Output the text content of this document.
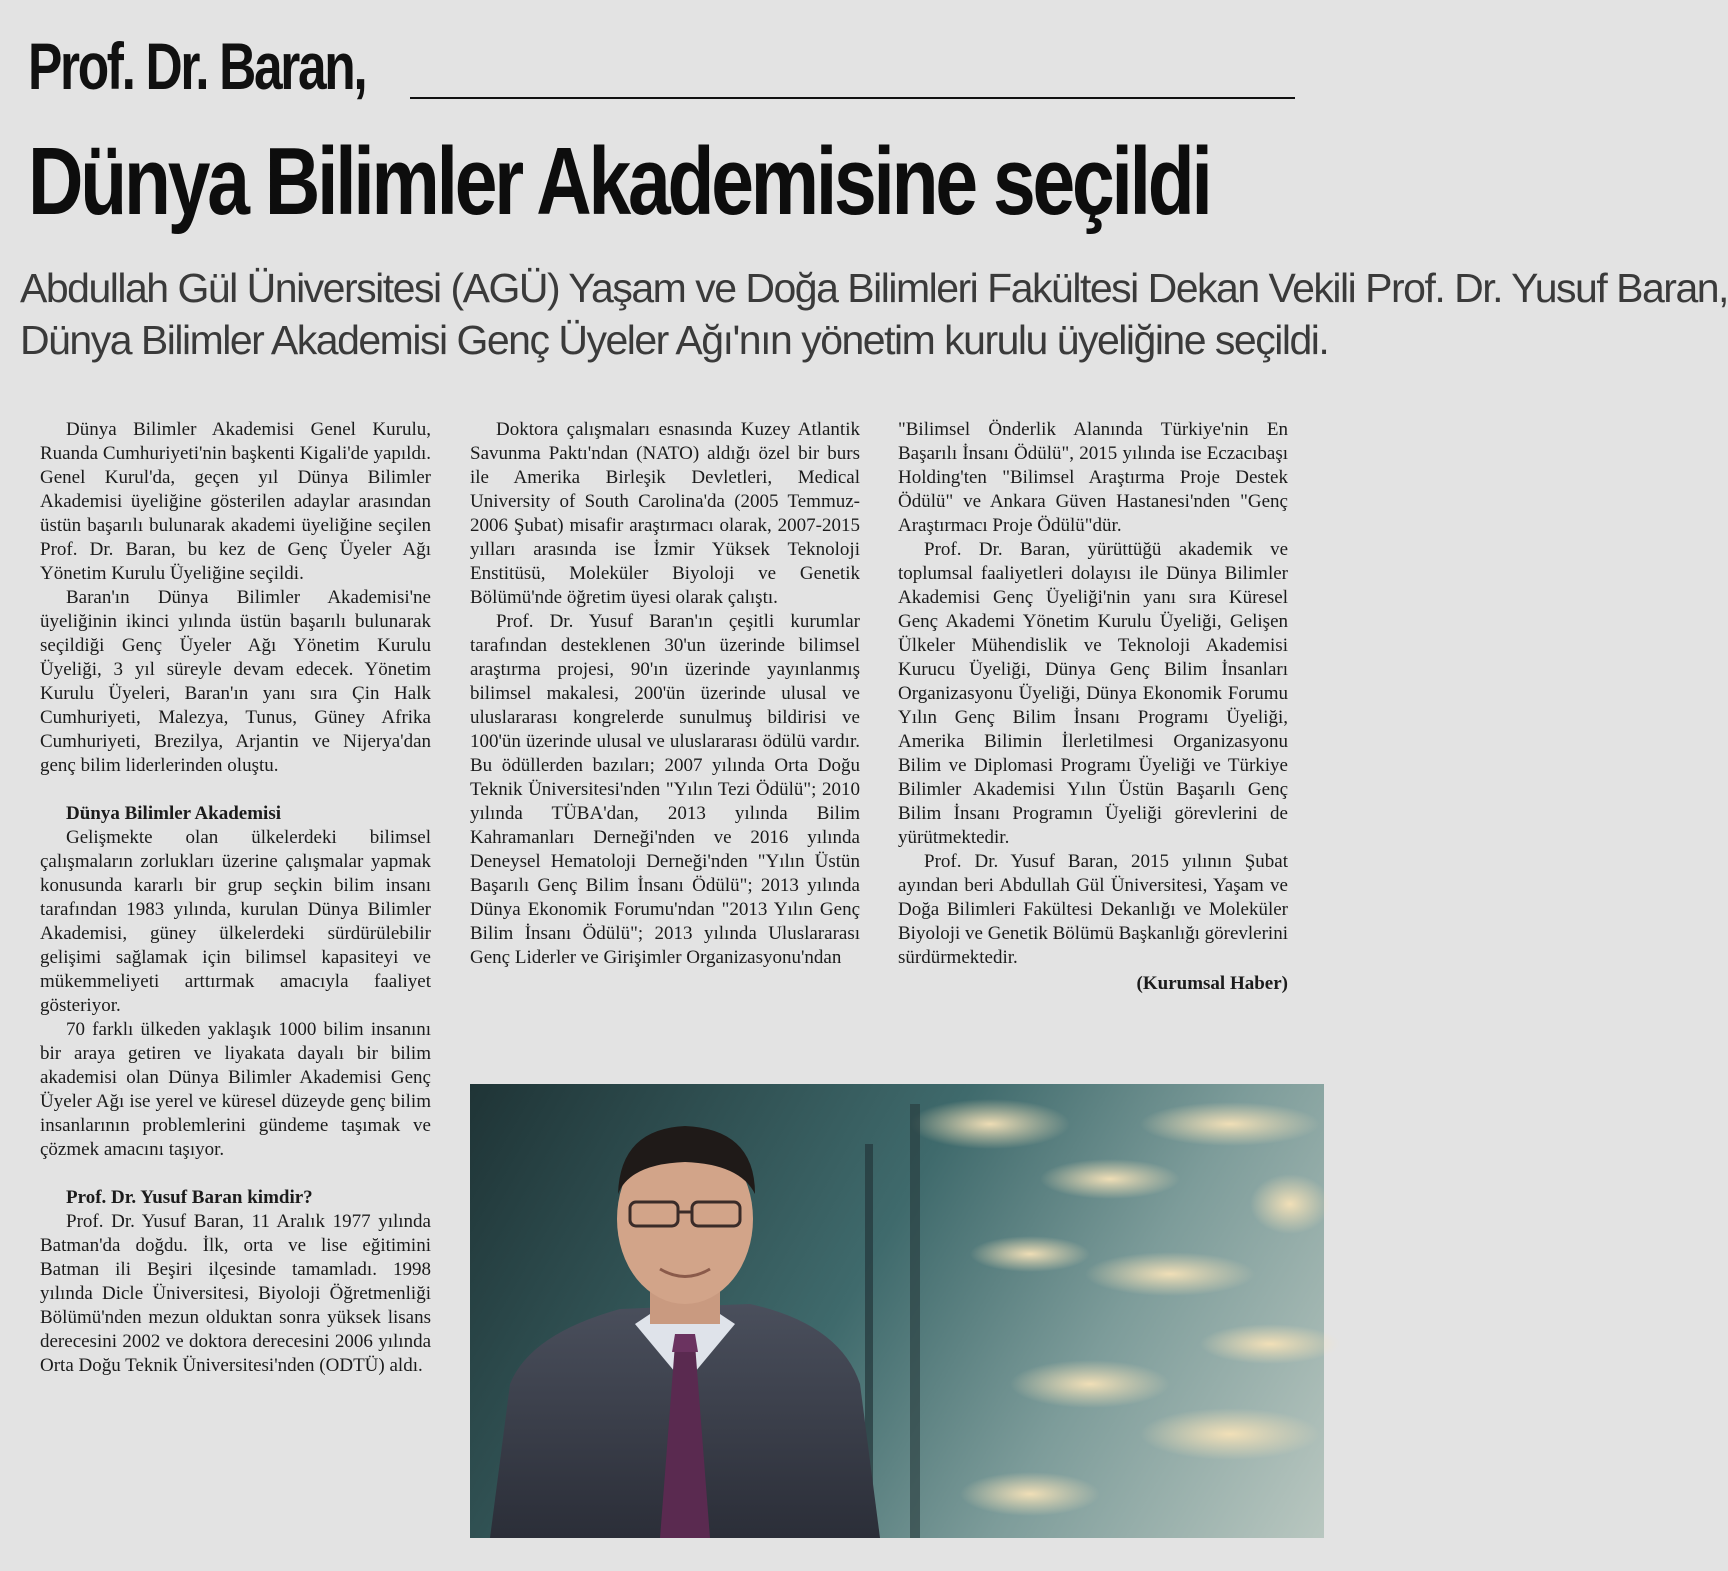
Prof. Dr. Baran,
Dünya Bilimler Akademisine seçildi
Abdullah Gül Üniversitesi (AGÜ) Yaşam ve Doğa Bilimleri Fakültesi Dekan Vekili Prof. Dr. Yusuf Baran,
Dünya Bilimler Akademisi Genç Üyeler Ağı'nın yönetim kurulu üyeliğine seçildi.

Dünya Bilimler Akademisi Genel Kurulu, Ruanda Cumhuriyeti'nin başkenti Kigali'de yapıldı. Genel Kurul'da, geçen yıl Dünya Bilimler Akademisi üyeliğine gösterilen adaylar arasından üstün başarılı bulunarak akademi üyeliğine seçilen Prof. Dr. Baran, bu kez de Genç Üyeler Ağı Yönetim Kurulu Üyeliğine seçildi.

Baran'ın Dünya Bilimler Akademisi'ne üyeliğinin ikinci yılında üstün başarılı bulunarak seçildiği Genç Üyeler Ağı Yönetim Kurulu Üyeliği, 3 yıl süreyle devam edecek. Yönetim Kurulu Üyeleri, Baran'ın yanı sıra Çin Halk Cumhuriyeti, Malezya, Tunus, Güney Afrika Cumhuriyeti, Brezilya, Arjantin ve Nijerya'dan genç bilim liderlerinden oluştu.

Dünya Bilimler Akademisi

Gelişmekte olan ülkelerdeki bilimsel çalışmaların zorlukları üzerine çalışmalar yapmak konusunda kararlı bir grup seçkin bilim insanı tarafından 1983 yılında, kurulan Dünya Bilimler Akademisi, güney ülkelerdeki sürdürülebilir gelişimi sağlamak için bilimsel kapasiteyi ve mükemmeliyeti arttırmak amacıyla faaliyet gösteriyor.

70 farklı ülkeden yaklaşık 1000 bilim insanını bir araya getiren ve liyakata dayalı bir bilim akademisi olan Dünya Bilimler Akademisi Genç Üyeler Ağı ise yerel ve küresel düzeyde genç bilim insanlarının problemlerini gündeme taşımak ve çözmek amacını taşıyor.

Prof. Dr. Yusuf Baran kimdir?

Prof. Dr. Yusuf Baran, 11 Aralık 1977 yılında Batman'da doğdu. İlk, orta ve lise eğitimini Batman ili Beşiri ilçesinde tamamladı. 1998 yılında Dicle Üniversitesi, Biyoloji Öğretmenliği Bölümü'nden mezun olduktan sonra yüksek lisans derecesini 2002 ve doktora derecesini 2006 yılında Orta Doğu Teknik Üniversitesi'nden (ODTÜ) aldı.

Doktora çalışmaları esnasında Kuzey Atlantik Savunma Paktı'ndan (NATO) aldığı özel bir burs ile Amerika Birleşik Devletleri, Medical University of South Carolina'da (2005 Temmuz-2006 Şubat) misafir araştırmacı olarak, 2007-2015 yılları arasında ise İzmir Yüksek Teknoloji Enstitüsü, Moleküler Biyoloji ve Genetik Bölümü'nde öğretim üyesi olarak çalıştı.

Prof. Dr. Yusuf Baran'ın çeşitli kurumlar tarafından desteklenen 30'un üzerinde bilimsel araştırma projesi, 90'ın üzerinde yayınlanmış bilimsel makalesi, 200'ün üzerinde ulusal ve uluslararası kongrelerde sunulmuş bildirisi ve 100'ün üzerinde ulusal ve uluslararası ödülü vardır. Bu ödüllerden bazıları; 2007 yılında Orta Doğu Teknik Üniversitesi'nden "Yılın Tezi Ödülü"; 2010 yılında TÜBA'dan, 2013 yılında Bilim Kahramanları Derneği'nden ve 2016 yılında Deneysel Hematoloji Derneği'nden "Yılın Üstün Başarılı Genç Bilim İnsanı Ödülü"; 2013 yılında Dünya Ekonomik Forumu'ndan "2013 Yılın Genç Bilim İnsanı Ödülü"; 2013 yılında Uluslararası Genç Liderler ve Girişimler Organizasyonu'ndan

"Bilimsel Önderlik Alanında Türkiye'nin En Başarılı İnsanı Ödülü", 2015 yılında ise Eczacıbaşı Holding'ten "Bilimsel Araştırma Proje Destek Ödülü" ve Ankara Güven Hastanesi'nden "Genç Araştırmacı Proje Ödülü"dür.

Prof. Dr. Baran, yürüttüğü akademik ve toplumsal faaliyetleri dolayısı ile Dünya Bilimler Akademisi Genç Üyeliği'nin yanı sıra Küresel Genç Akademi Yönetim Kurulu Üyeliği, Gelişen Ülkeler Mühendislik ve Teknoloji Akademisi Kurucu Üyeliği, Dünya Genç Bilim İnsanları Organizasyonu Üyeliği, Dünya Ekonomik Forumu Yılın Genç Bilim İnsanı Programı Üyeliği, Amerika Bilimin İlerletilmesi Organizasyonu Bilim ve Diplomasi Programı Üyeliği ve Türkiye Bilimler Akademisi Yılın Üstün Başarılı Genç Bilim İnsanı Programın Üyeliği görevlerini de yürütmektedir.

Prof. Dr. Yusuf Baran, 2015 yılının Şubat ayından beri Abdullah Gül Üniversitesi, Yaşam ve Doğa Bilimleri Fakültesi Dekanlığı ve Moleküler Biyoloji ve Genetik Bölümü Başkanlığı görevlerini sürdürmektedir.

(Kurumsal Haber)
